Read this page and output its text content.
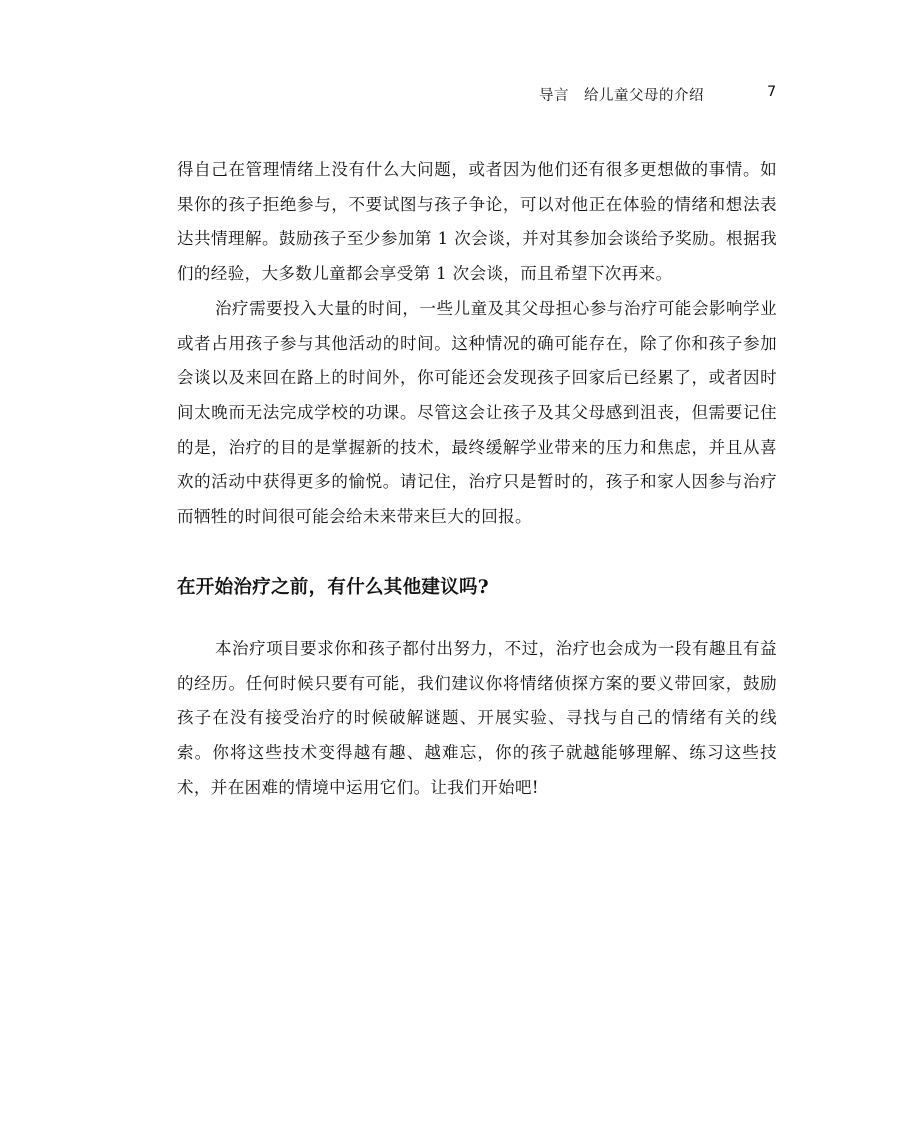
导言　给儿童父母的介绍	7

得自己在管理情绪上没有什么大问题，或者因为他们还有很多更想做的事情。如果你的孩子拒绝参与，不要试图与孩子争论，可以对他正在体验的情绪和想法表达共情理解。鼓励孩子至少参加第 1 次会谈，并对其参加会谈给予奖励。根据我们的经验，大多数儿童都会享受第 1 次会谈，而且希望下次再来。

治疗需要投入大量的时间，一些儿童及其父母担心参与治疗可能会影响学业或者占用孩子参与其他活动的时间。这种情况的确可能存在，除了你和孩子参加会谈以及来回在路上的时间外，你可能还会发现孩子回家后已经累了，或者因时间太晚而无法完成学校的功课。尽管这会让孩子及其父母感到沮丧，但需要记住的是，治疗的目的是掌握新的技术，最终缓解学业带来的压力和焦虑，并且从喜欢的活动中获得更多的愉悦。请记住，治疗只是暂时的，孩子和家人因参与治疗而牺牲的时间很可能会给未来带来巨大的回报。

在开始治疗之前，有什么其他建议吗?

本治疗项目要求你和孩子都付出努力，不过，治疗也会成为一段有趣且有益的经历。任何时候只要有可能，我们建议你将情绪侦探方案的要义带回家，鼓励孩子在没有接受治疗的时候破解谜题、开展实验、寻找与自己的情绪有关的线索。你将这些技术变得越有趣、越难忘，你的孩子就越能够理解、练习这些技术，并在困难的情境中运用它们。让我们开始吧!
